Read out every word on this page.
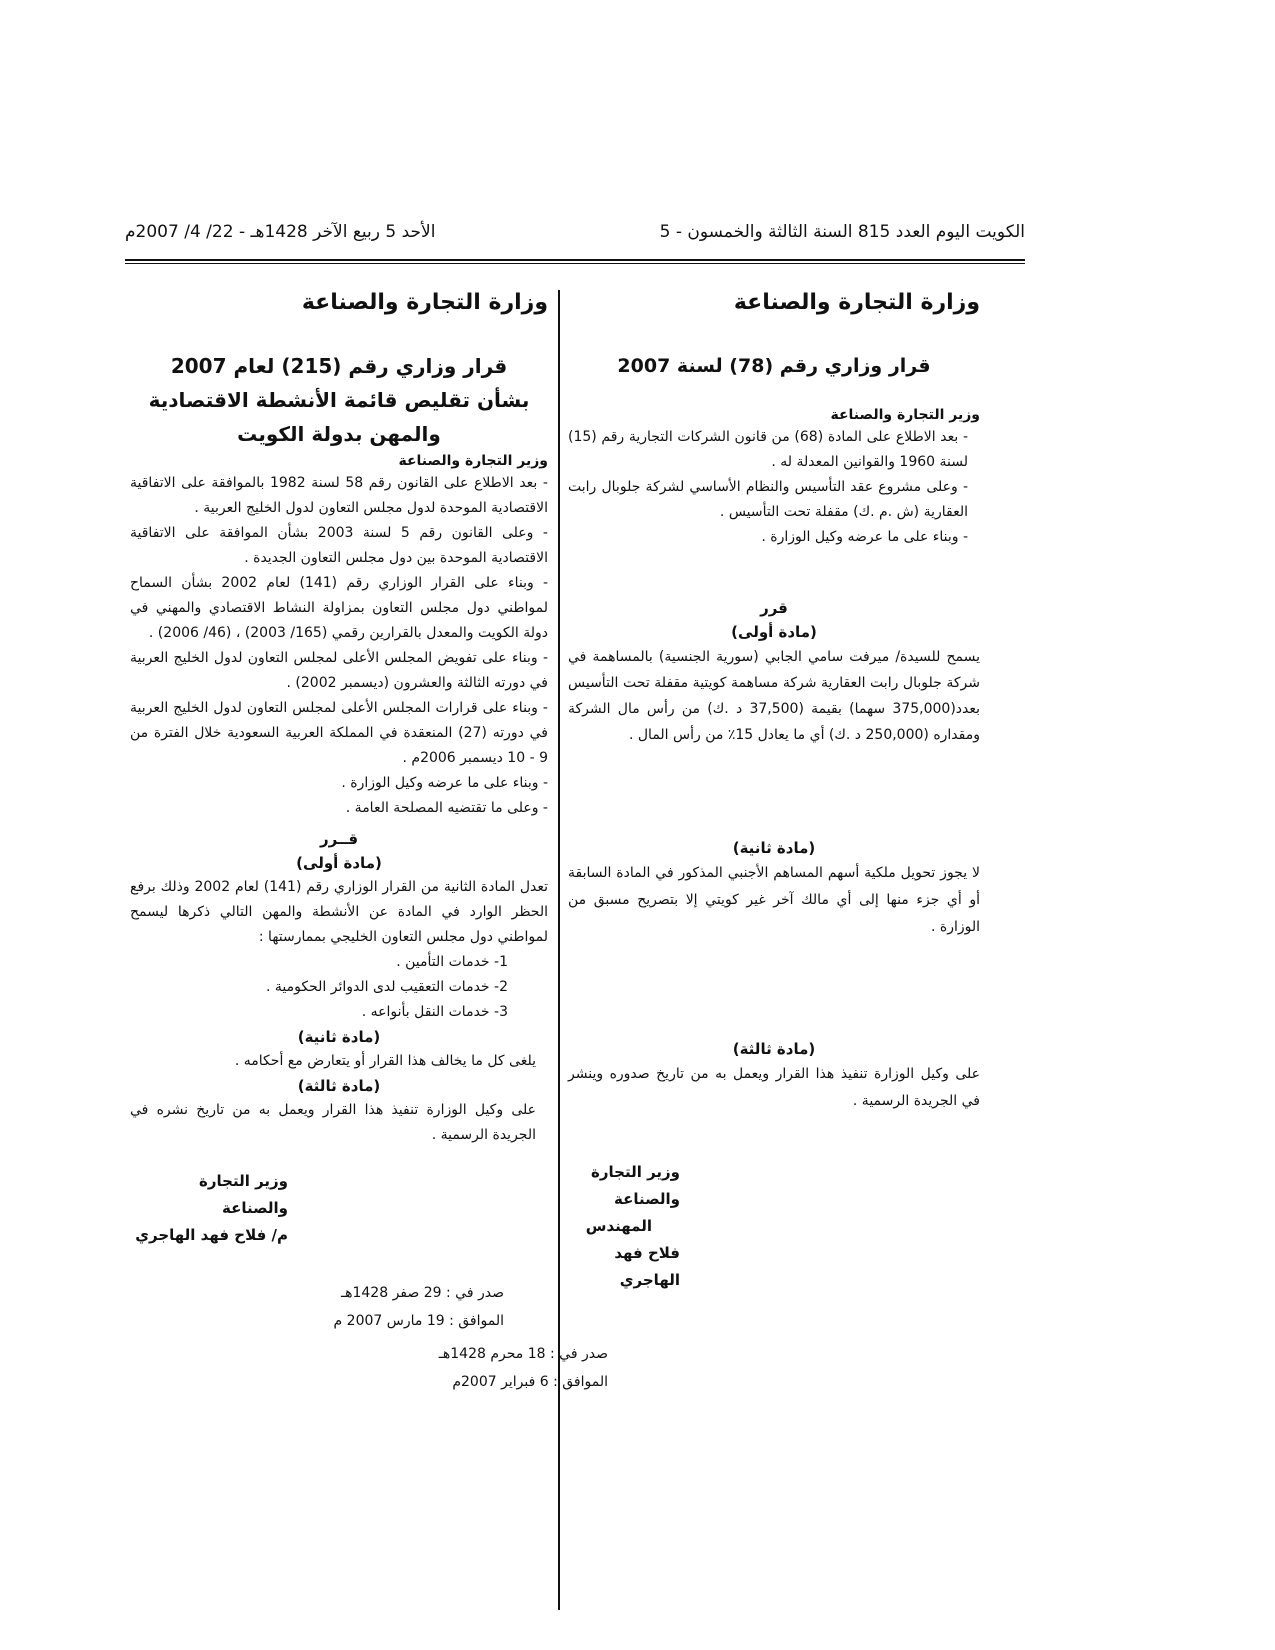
الكويت اليوم العدد 815 السنة الثالثة والخمسون - 5
الأحد 5 ربيع الآخر 1428هـ - 22/ 4/ 2007م
وزارة التجارة والصناعة
قرار وزاري رقم (78) لسنة 2007
وزير التجارة والصناعة

- بعد الاطلاع على المادة (68) من قانون الشركات التجارية رقم (15) لسنة 1960 والقوانين المعدلة له .

- وعلى مشروع عقد التأسيس والنظام الأساسي لشركة جلوبال رابت العقارية (ش .م .ك) مقفلة تحت التأسيس .

- وبناء على ما عرضه وكيل الوزارة .

قرر

(مادة أولى)

يسمح للسيدة/ ميرفت سامي الجابي (سورية الجنسية) بالمساهمة في شركة جلوبال رابت العقارية شركة مساهمة كويتية مقفلة تحت التأسيس بعدد(375,000 سهما) بقيمة (37,500 د .ك) من رأس مال الشركة ومقداره (250,000 د .ك) أي ما يعادل 15٪ من رأس المال .

(مادة ثانية)

لا يجوز تحويل ملكية أسهم المساهم الأجنبي المذكور في المادة السابقة أو أي جزء منها إلى أي مالك آخر غير كويتي إلا بتصريح مسبق من الوزارة .

(مادة ثالثة)

على وكيل الوزارة تنفيذ هذا القرار ويعمل به من تاريخ صدوره وينشر في الجريدة الرسمية .

وزير التجارة والصناعة
المهندس
فلاح فهد الهاجري
صدر في : 18 محرم 1428هـ
الموافق : 6 فبراير 2007م
وزارة التجارة والصناعة
قرار وزاري رقم (215) لعام 2007
بشأن تقليص قائمة الأنشطة الاقتصادية
والمهن بدولة الكويت
وزير التجارة والصناعة

- بعد الاطلاع على القانون رقم 58 لسنة 1982 بالموافقة على الاتفاقية الاقتصادية الموحدة لدول مجلس التعاون لدول الخليج العربية .

- وعلى القانون رقم 5 لسنة 2003 بشأن الموافقة على الاتفاقية الاقتصادية الموحدة بين دول مجلس التعاون الجديدة .

- وبناء على القرار الوزاري رقم (141) لعام 2002 بشأن السماح لمواطني دول مجلس التعاون بمزاولة النشاط الاقتصادي والمهني في دولة الكويت والمعدل بالقرارين رقمي (165/ 2003) ، (46/ 2006) .

- وبناء على تفويض المجلس الأعلى لمجلس التعاون لدول الخليج العربية في دورته الثالثة والعشرون (ديسمبر 2002) .

- وبناء على قرارات المجلس الأعلى لمجلس التعاون لدول الخليج العربية في دورته (27) المنعقدة في المملكة العربية السعودية خلال الفترة من 9 - 10 ديسمبر 2006م .

- وبناء على ما عرضه وكيل الوزارة .

- وعلى ما تقتضيه المصلحة العامة .

قــرر

(مادة أولى)

تعدل المادة الثانية من القرار الوزاري رقم (141) لعام 2002 وذلك برفع الحظر الوارد في المادة عن الأنشطة والمهن التالي ذكرها ليسمح لمواطني دول مجلس التعاون الخليجي بممارستها :

1- خدمات التأمين .

2- خدمات التعقيب لدى الدوائر الحكومية .

3- خدمات النقل بأنواعه .

(مادة ثانية)

يلغى كل ما يخالف هذا القرار أو يتعارض مع أحكامه .

(مادة ثالثة)

على وكيل الوزارة تنفيذ هذا القرار ويعمل به من تاريخ نشره في الجريدة الرسمية .

وزير التجارة والصناعة
م/ فلاح فهد الهاجري
صدر في : 29 صفر 1428هـ
الموافق : 19 مارس 2007 م
